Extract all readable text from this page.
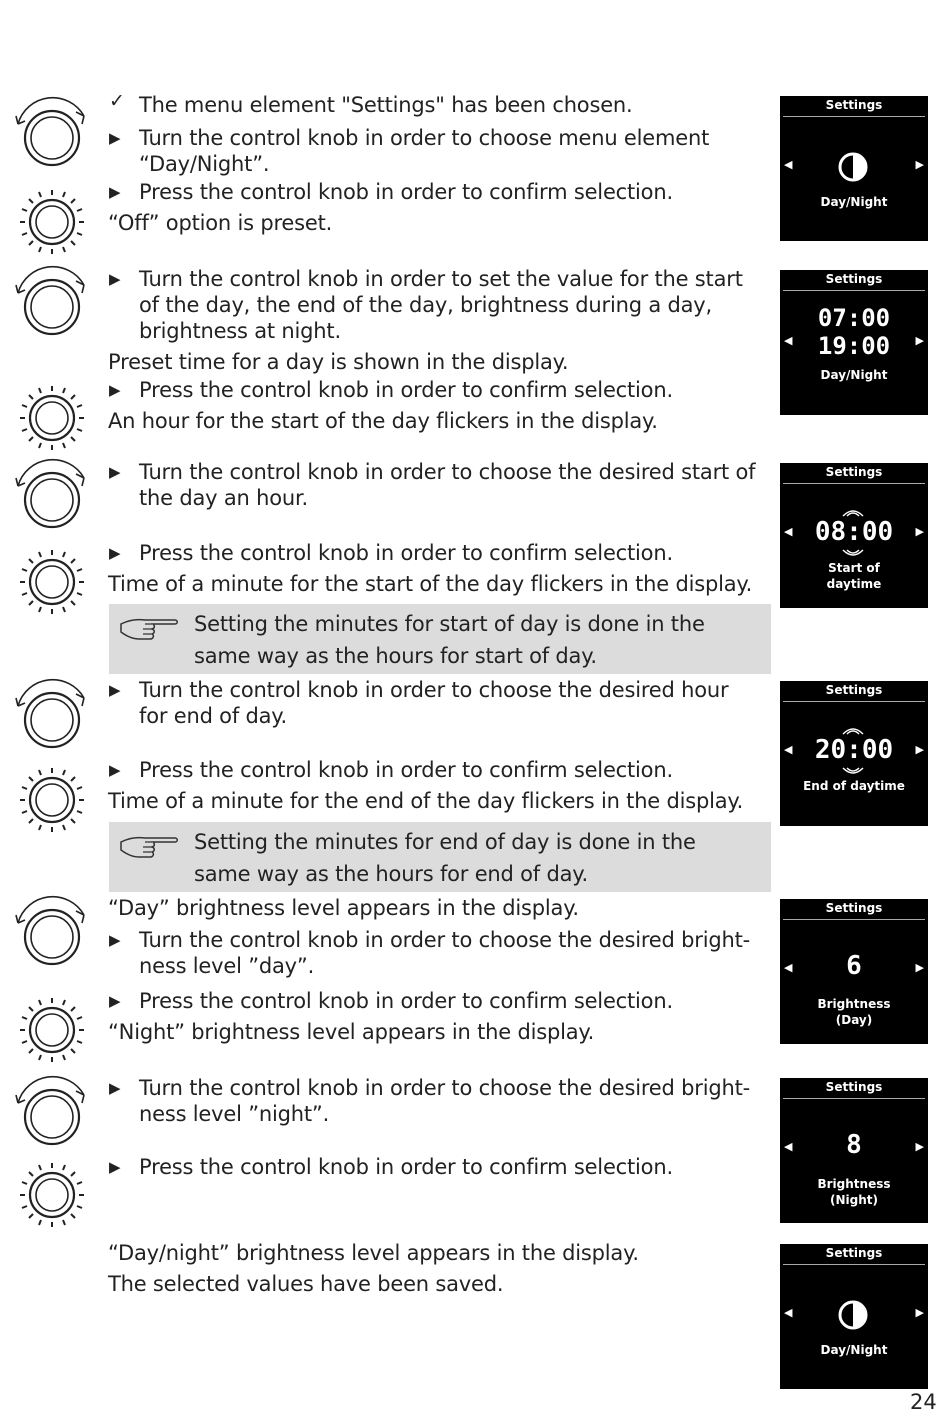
✓ The menu element "Settings" has been chosen.
▶ Turn the control knob in order to choose menu element
“Day/Night”.
▶ Press the control knob in order to confirm selection.
“Off” option is preset.
▶ Turn the control knob in order to set the value for the start
of the day, the end of the day, brightness during a day,
brightness at night.
Preset time for a day is shown in the display.
▶ Press the control knob in order to confirm selection.
An hour for the start of the day flickers in the display.
▶ Turn the control knob in order to choose the desired start of
the day an hour.
▶ Press the control knob in order to confirm selection.
Time of a minute for the start of the day flickers in the display.
Setting the minutes for start of day is done in the
same way as the hours for start of day.
▶ Turn the control knob in order to choose the desired hour
for end of day.
▶ Press the control knob in order to confirm selection.
Time of a minute for the end of the day flickers in the display.
Setting the minutes for end of day is done in the
same way as the hours for end of day.
“Day” brightness level appears in the display.
▶ Turn the control knob in order to choose the desired bright-
ness level ”day”.
▶ Press the control knob in order to confirm selection.
“Night” brightness level appears in the display.
▶ Turn the control knob in order to choose the desired bright-
ness level ”night”.
▶ Press the control knob in order to confirm selection.
“Day/night” brightness level appears in the display.
The selected values have been saved.
Settings
◀	▶
Day/Night
Settings
07:00
◀	▶
19:00
Day/Night
Settings
◀	▶
08:00
Start of
daytime
Settings
◀	▶
20:00
End of daytime
Settings
◀	▶
6
Brightness
(Day)
Settings
◀	▶
8
Brightness
(Night)
Settings
◀	▶
Day/Night
24
